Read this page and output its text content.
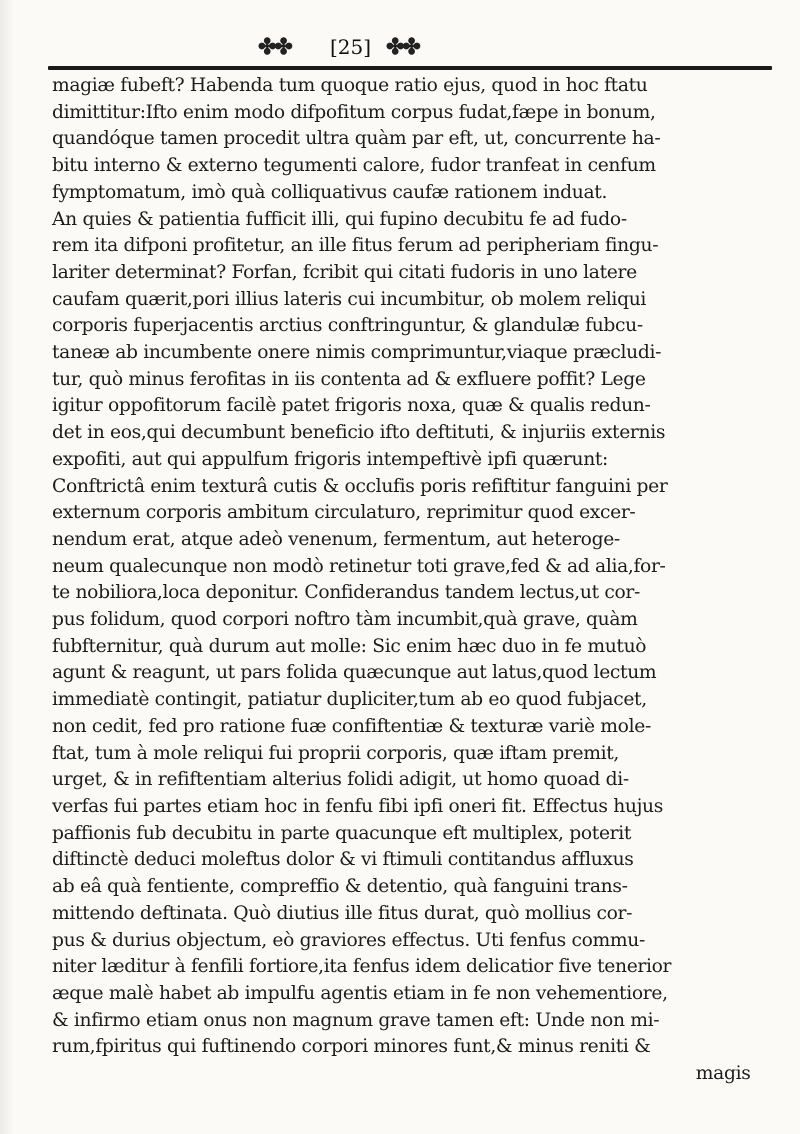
✤✤ [25] ✤✤
magiæ fubeft? Habenda tum quoque ratio ejus, quod in hoc ftatu
dimittitur:Ifto enim modo difpofitum corpus fudat,fæpe in bonum,
quandóque tamen procedit ultra quàm par eft, ut, concurrente ha-
bitu interno & externo tegumenti calore, fudor tranfeat in cenfum
fymptomatum, imò quà colliquativus caufæ rationem induat.
An quies & patientia fufficit illi, qui fupino decubitu fe ad fudo-
rem ita difponi profitetur, an ille fitus ferum ad peripheriam fingu-
lariter determinat? Forfan, fcribit qui citati fudoris in uno latere
caufam quærit,pori illius lateris cui incumbitur, ob molem reliqui
corporis fuperjacentis arctius conftringuntur, & glandulæ fubcu-
taneæ ab incumbente onere nimis comprimuntur,viaque præcludi-
tur, quò minus ferofitas in iis contenta ad & exfluere poffit? Lege
igitur oppofitorum facilè patet frigoris noxa, quæ & qualis redun-
det in eos,qui decumbunt beneficio ifto deftituti, & injuriis externis
expofiti, aut qui appulfum frigoris intempeftivè ipfi quærunt:
Conftrictâ enim texturâ cutis & occlufis poris refiftitur fanguini per
externum corporis ambitum circulaturo, reprimitur quod excer-
nendum erat, atque adeò venenum, fermentum, aut heteroge-
neum qualecunque non modò retinetur toti grave,fed & ad alia,for-
te nobiliora,loca deponitur. Confiderandus tandem lectus,ut cor-
pus folidum, quod corpori noftro tàm incumbit,quà grave, quàm
fubfternitur, quà durum aut molle: Sic enim hæc duo in fe mutuò
agunt & reagunt, ut pars folida quæcunque aut latus,quod lectum
immediatè contingit, patiatur dupliciter,tum ab eo quod fubjacet,
non cedit, fed pro ratione fuæ confiftentiæ & texturæ variè mole-
ftat, tum à mole reliqui fui proprii corporis, quæ iftam premit,
urget, & in refiftentiam alterius folidi adigit, ut homo quoad di-
verfas fui partes etiam hoc in fenfu fibi ipfi oneri fit. Effectus hujus
paffionis fub decubitu in parte quacunque eft multiplex, poterit
diftinctè deduci moleftus dolor & vi ftimuli contitandus affluxus
ab eâ quà fentiente, compreffio & detentio, quà fanguini trans-
mittendo deftinata. Quò diutius ille fitus durat, quò mollius cor-
pus & durius objectum, eò graviores effectus. Uti fenfus commu-
niter læditur à fenfili fortiore,ita fenfus idem delicatior five tenerior
æque malè habet ab impulfu agentis etiam in fe non vehementiore,
& infirmo etiam onus non magnum grave tamen eft: Unde non mi-
rum,fpiritus qui fuftinendo corpori minores funt,& minus reniti &
magis
